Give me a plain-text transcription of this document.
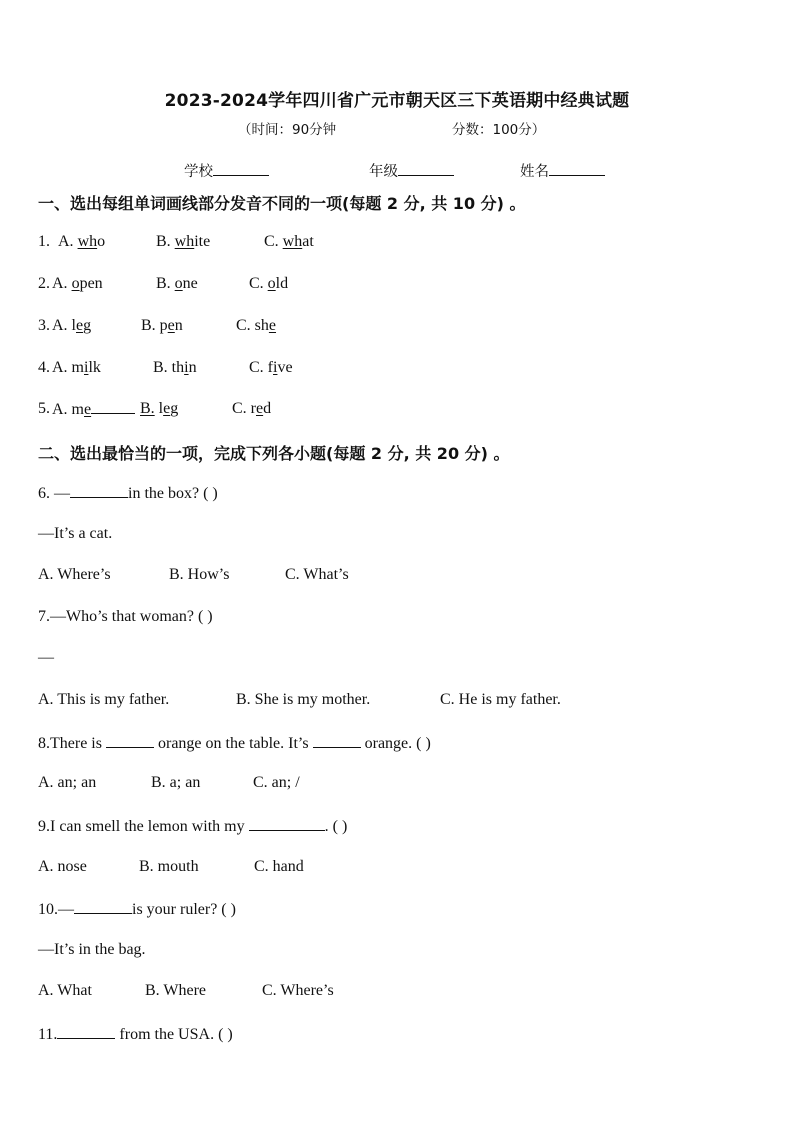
2023-2024学年四川省广元市朝天区三下英语期中经典试题
（时间：90分钟	分数：100分）
学校	年级	姓名
一、选出每组单词画线部分发音不同的一项(每题 2 分, 共 10 分) 。
1. A. who	B. white	C. what
2. A. open	B. one	C. old
3. A. leg	B. pen	C. she
4. A. milk	B. thin	C. five
5. A. me	B. leg	C. red
二、选出最恰当的一项，完成下列各小题(每题 2 分, 共 20 分) 。
6. —	in the box? ( )
—It’s a cat.
A. Where’s	B. How’s	C. What’s
7.—Who’s that woman? ( )
—
A. This is my father.	B. She is my mother.	C. He is my father.
8.There is	orange on the table. It’s	orange. ( )
A. an; an	B. a; an	C. an; /
9.I can smell the lemon with my	. ( )
A. nose	B. mouth	C. hand
10.—	is your ruler? ( )
—It’s in the bag.
A. What	B. Where	C. Where’s
11.	from the USA. ( )
